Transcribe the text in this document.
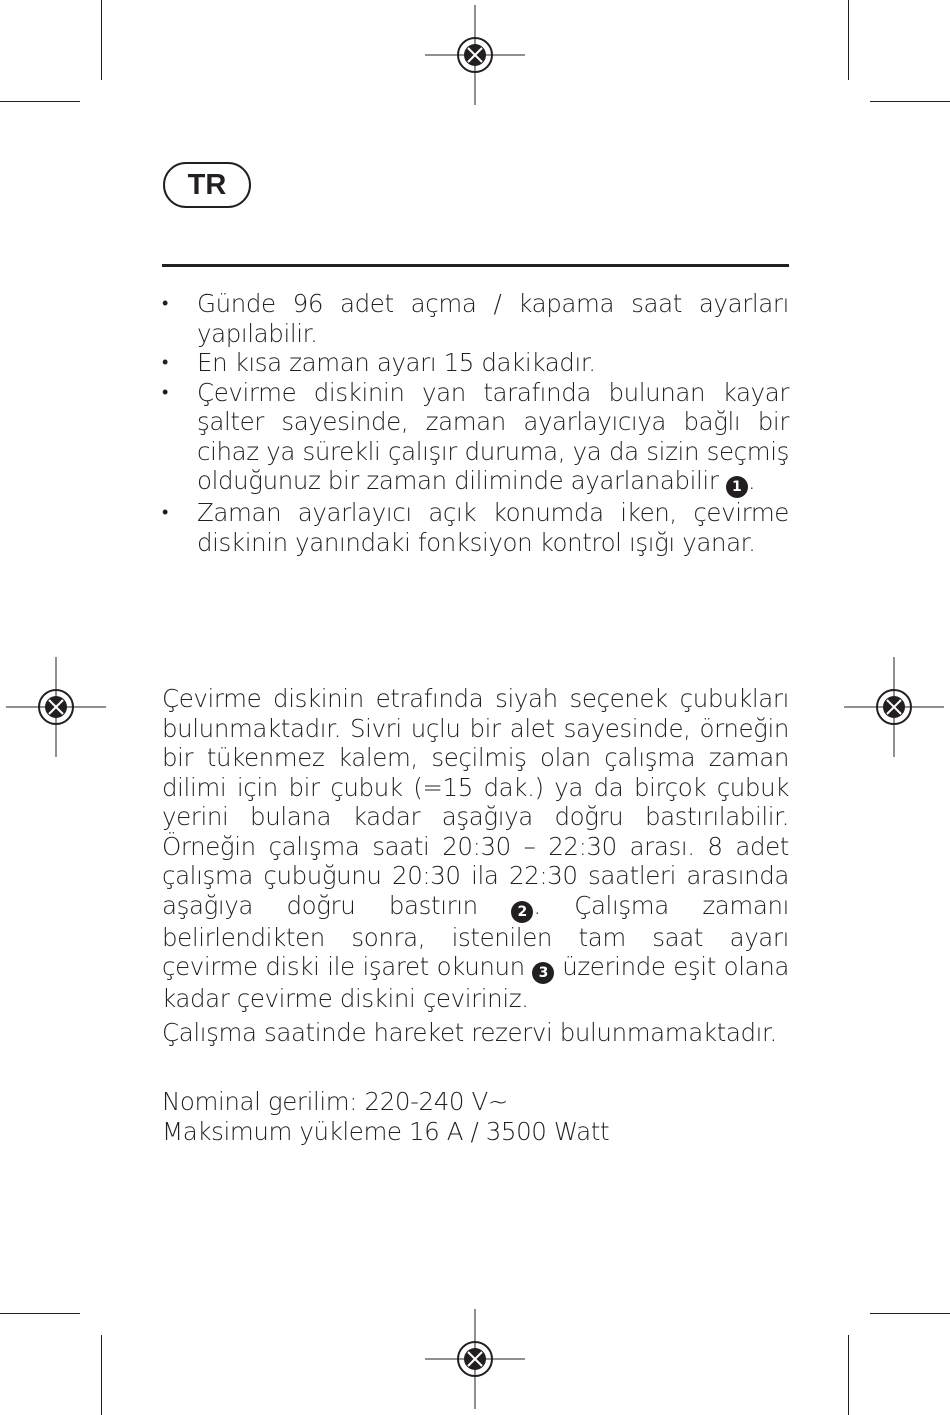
TR
• Günde 96 adet açma / kapama saat ayarları yapılabilir.
• En kısa zaman ayarı 15 dakikadır.
• Çevirme diskinin yan tarafında bulunan kayar şalter sayesinde, zaman ayarlayıcıya bağlı bir cihaz ya sürekli çalışır duruma, ya da sizin seçmiş olduğunuz bir zaman diliminde ayarlanabilir 1 .
• Zaman ayarlayıcı açık konumda iken, çevirme diskinin yanındaki fonksiyon kontrol ışığı yanar.

Çevirme diskinin etrafında siyah seçenek çubukları bulunmaktadır. Sivri uçlu bir alet sayesinde, örneğin bir tükenmez kalem, seçilmiş olan çalışma zaman dilimi için bir çubuk (=15 dak.) ya da birçok çubuk yerini bulana kadar aşağıya doğru bastırılabilir. Örneğin çalışma saati 20:30 – 22:30 arası. 8 adet çalışma çubuğunu 20:30 ila 22:30 saatleri arasında aşağıya doğru bastırın	2 . Çalışma zamanı belirlendikten sonra, istenilen tam saat ayarı çevirme diski ile işaret okunun 3 üzerinde eşit olana kadar çevirme diskini çeviriniz.

Çalışma saatinde hareket rezervi bulunmamaktadır.

Nominal gerilim: 220-240 V~
Maksimum yükleme 16 A / 3500 Watt
